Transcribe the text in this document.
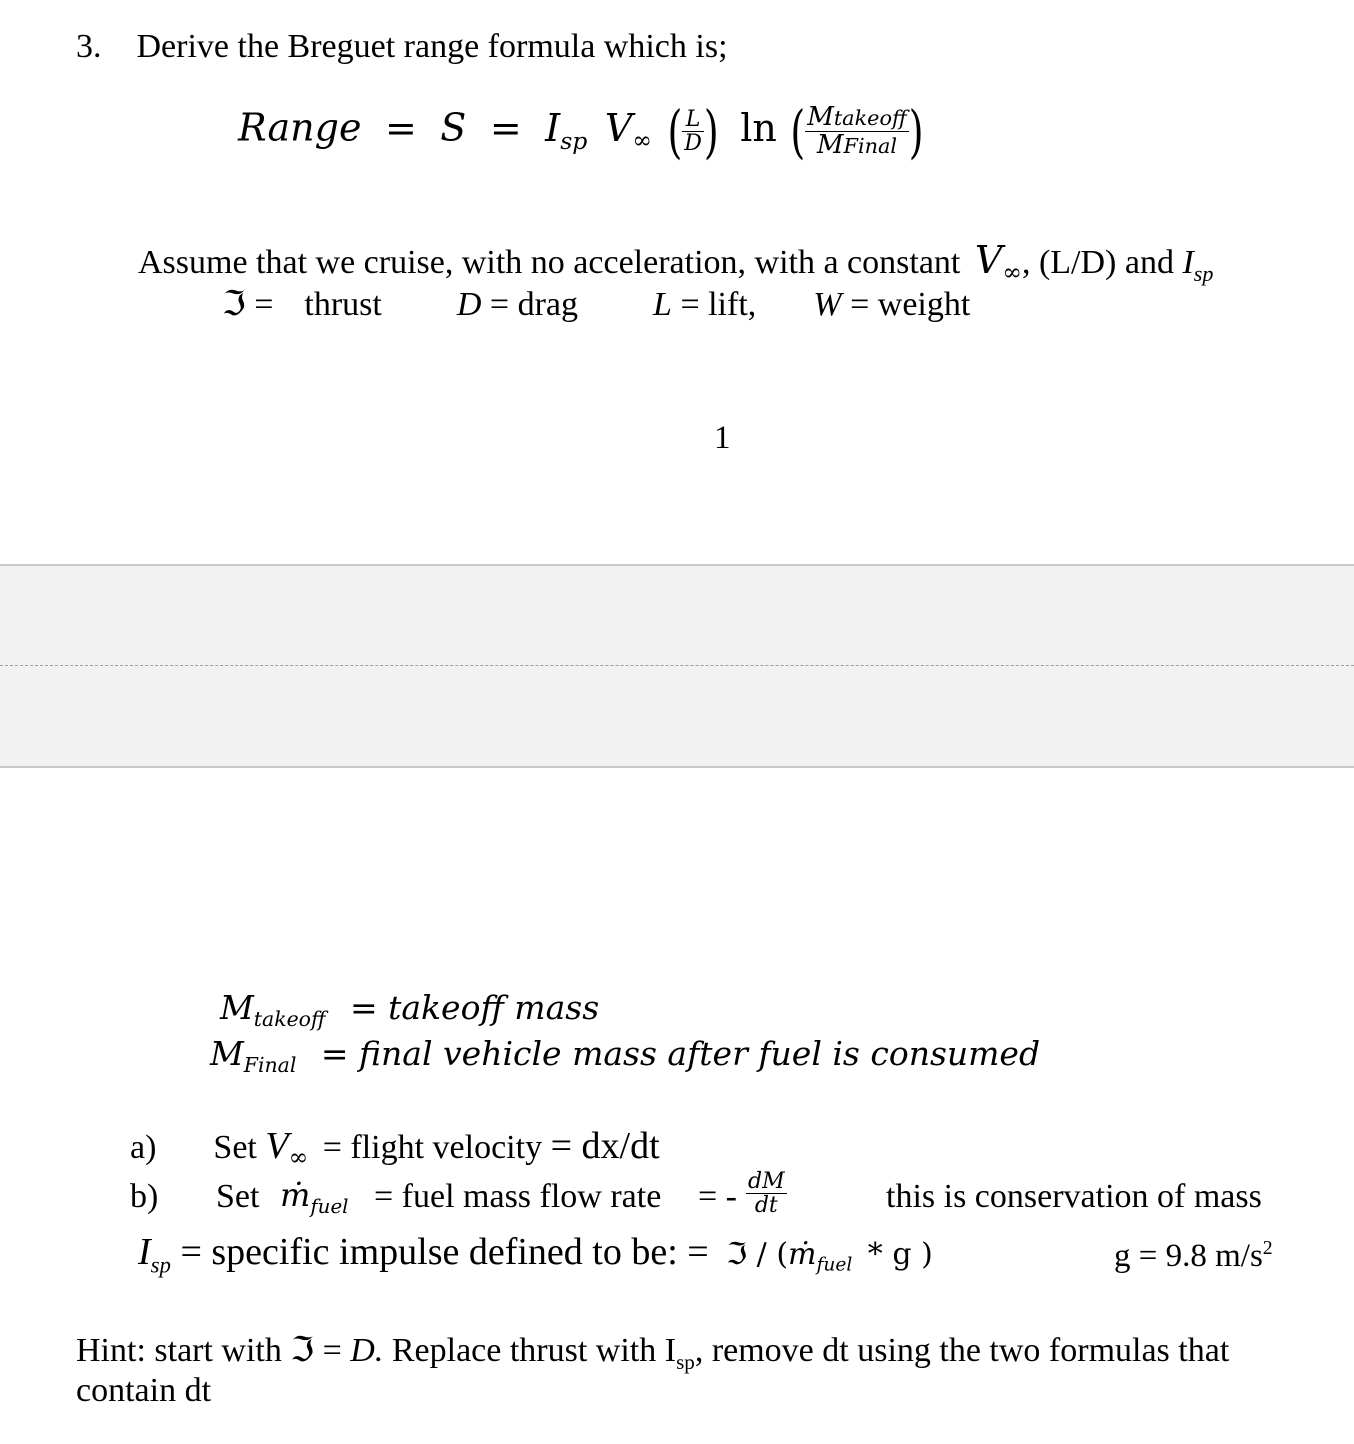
3. Derive the Breguet range formula which is;
Range = $S = I_{sp}$ V∞ ( $\frac{L}{D}$ ) ln ( $\frac{\text{Mtakeoff}}{\text{MFinal}}$ )
Assume that we cruise, with no acceleration, with a constant V∞, (L/D) and $I_{sp}$
ℑ = thrust D = drag L = lift, W = weight
1
$M_{takeoff}$ = takeoff mass
$M_{Final}$ = final vehicle mass after fuel is consumed
a) Set V∞ = flight velocity = dx/dt
b) Set ṁ$_{fuel}$ = fuel mass flow rate = - $\frac{dM}{dt}$	this is conservation of mass
$I_{sp}$ = specific impulse defined to be: = ℑ / (ṁ$_{fuel}$ * g )	g = 9.8 $m/s^2$
Hint: start with ℑ = D. Replace thrust with $I_{sp}$, remove dt using the two formulas that
contain dt
